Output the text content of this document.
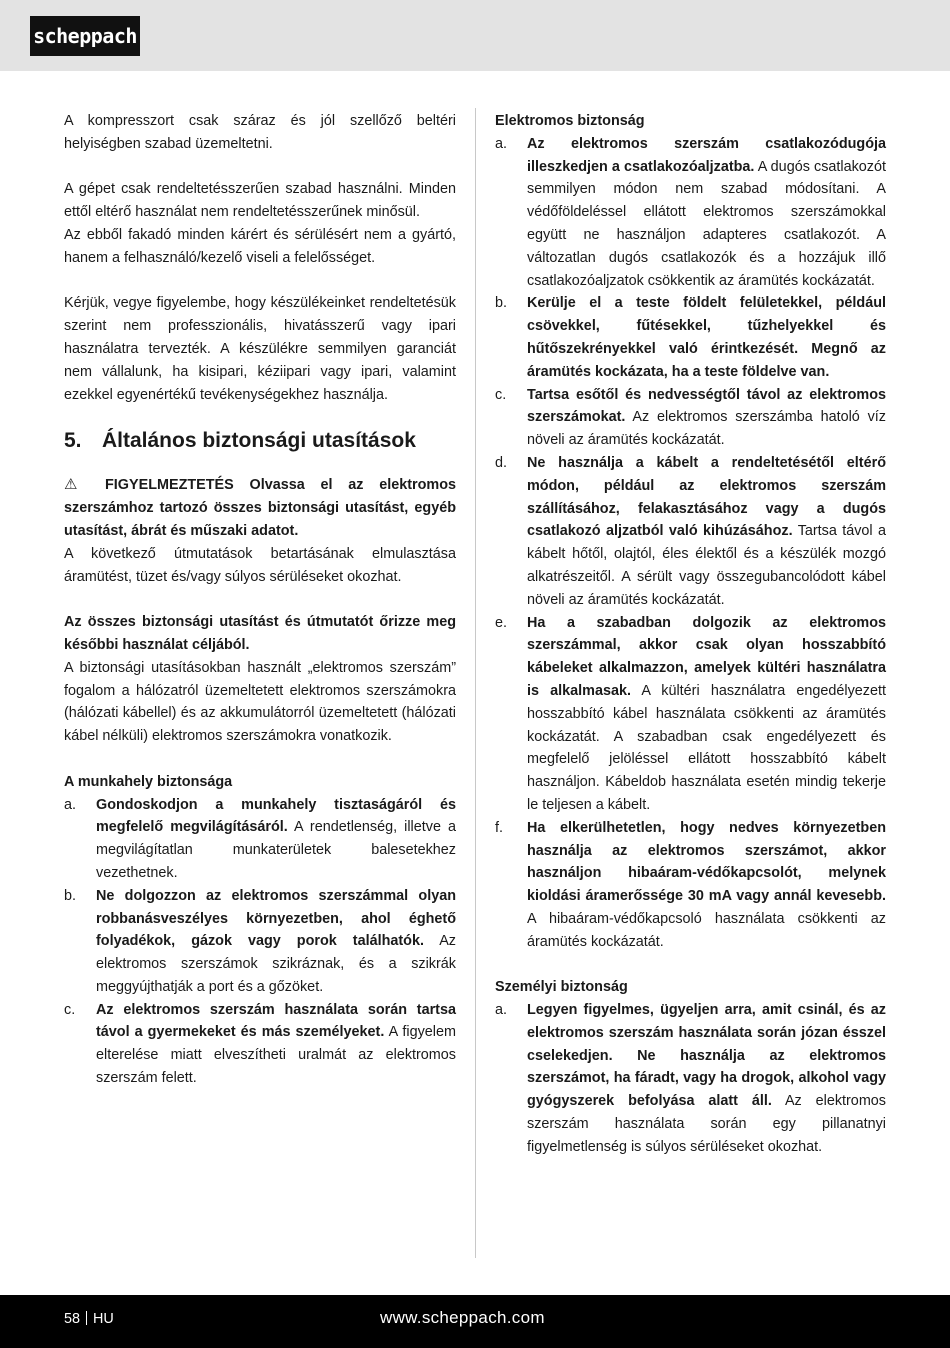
scheppach

A kompresszort csak száraz és jól szellőző beltéri helyiségben szabad üzemeltetni.

A gépet csak rendeltetésszerűen szabad használni. Minden ettől eltérő használat nem rendeltetésszerűnek minősül.

Az ebből fakadó minden kárért és sérülésért nem a gyártó, hanem a felhasználó/kezelő viseli a felelősséget.

Kérjük, vegye figyelembe, hogy készülékeinket rendeltetésük szerint nem professzionális, hivatásszerű vagy ipari használatra tervezték. A készülékre semmilyen garanciát nem vállalunk, ha kisipari, kéziipari vagy ipari, valamint ezekkel egyenértékű tevékenységekhez használja.

5. Általános biztonsági utasítások

⚠ FIGYELMEZTETÉS Olvassa el az elektromos szerszámhoz tartozó összes biztonsági utasítást, egyéb utasítást, ábrát és műszaki adatot.

A következő útmutatások betartásának elmulasztása áramütést, tüzet és/vagy súlyos sérüléseket okozhat.

Az összes biztonsági utasítást és útmutatót őrizze meg későbbi használat céljából.

A biztonsági utasításokban használt „elektromos szerszám” fogalom a hálózatról üzemeltetett elektromos szerszámokra (hálózati kábellel) és az akkumulátorról üzemeltetett (hálózati kábel nélküli) elektromos szerszámokra vonatkozik.

A munkahely biztonsága

a. Gondoskodjon a munkahely tisztaságáról és megfelelő megvilágításáról. A rendetlenség, illetve a megvilágítatlan munkaterületek balesetekhez vezethetnek.
b. Ne dolgozzon az elektromos szerszámmal olyan robbanásveszélyes környezetben, ahol éghető folyadékok, gázok vagy porok találhatók. Az elektromos szerszámok szikráznak, és a szikrák meggyújthatják a port és a gőzöket.
c. Az elektromos szerszám használata során tartsa távol a gyermekeket és más személyeket. A figyelem elterelése miatt elveszítheti uralmát az elektromos szerszám felett.

Elektromos biztonság

a. Az elektromos szerszám csatlakozódugója illeszkedjen a csatlakozóaljzatba. A dugós csatlakozót semmilyen módon nem szabad módosítani. A védőföldeléssel ellátott elektromos szerszámokkal együtt ne használjon adapteres csatlakozót. A változatlan dugós csatlakozók és a hozzájuk illő csatlakozóaljzatok csökkentik az áramütés kockázatát.
b. Kerülje el a teste földelt felületekkel, például csövekkel, fűtésekkel, tűzhelyekkel és hűtőszekrényekkel való érintkezését. Megnő az áramütés kockázata, ha a teste földelve van.
c. Tartsa esőtől és nedvességtől távol az elektromos szerszámokat. Az elektromos szerszámba hatoló víz növeli az áramütés kockázatát.
d. Ne használja a kábelt a rendeltetésétől eltérő módon, például az elektromos szerszám szállításához, felakasztásához vagy a dugós csatlakozó aljzatból való kihúzásához. Tartsa távol a kábelt hőtől, olajtól, éles élektől és a készülék mozgó alkatrészeitől. A sérült vagy összegubancolódott kábel növeli az áramütés kockázatát.
e. Ha a szabadban dolgozik az elektromos szerszámmal, akkor csak olyan hosszabbító kábeleket alkalmazzon, amelyek kültéri használatra is alkalmasak. A kültéri használatra engedélyezett hosszabbító kábel használata csökkenti az áramütés kockázatát. A szabadban csak engedélyezett és megfelelő jelöléssel ellátott hosszabbító kábelt használjon. Kábeldob használata esetén mindig tekerje le teljesen a kábelt.
f. Ha elkerülhetetlen, hogy nedves környezetben használja az elektromos szerszámot, akkor használjon hibaáram-védőkapcsolót, melynek kioldási áramerőssége 30 mA vagy annál kevesebb. A hibaáram-védőkapcsoló használata csökkenti az áramütés kockázatát.

Személyi biztonság

a. Legyen figyelmes, ügyeljen arra, amit csinál, és az elektromos szerszám használata során józan ésszel cselekedjen. Ne használja az elektromos szerszámot, ha fáradt, vagy ha drogok, alkohol vagy gyógyszerek befolyása alatt áll. Az elektromos szerszám használata során egy pillanatnyi figyelmetlenség is súlyos sérüléseket okozhat.
58 HU	www.scheppach.com
